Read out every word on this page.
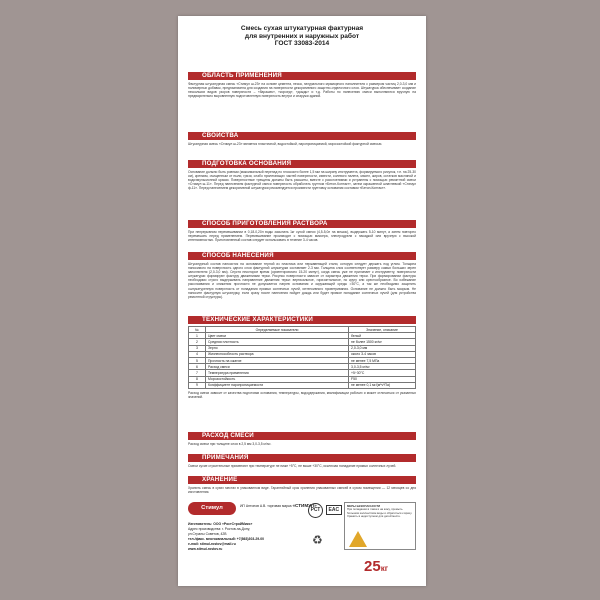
Смесь сухая штукатурная фактурная
для внутренних и наружных работ
ГОСТ 33083-2014
ОБЛАСТЬ ПРИМЕНЕНИЯ
Фактурная штукатурная смесь «Стимул ш-23» на основе цемента, песка, натурального мраморного наполнителя с размером частиц 2,0-3,0 мм и полимерных добавок, предназначена для создания на поверхности декоративного защитно-отделочного слоя. Штукатурка обеспечивает создание нескольких видов узоров поверхности – «барашек», «короед», «дождь» и т.д. Работы по нанесению смеси выполняются вручную на предварительно выровненную подготовленную поверхность внутри и снаружи зданий.
СВОЙСТВА
Штукатурная смесь «Стимул ш-23» является пластичной, водостойкой, паропроницаемой, морозостойкой фактурной смесью.
ПОДГОТОВКА ОСНОВАНИЯ
Основание должно быть ровным (максимальный перепад по плоскости более 1,5 мм на ширину инструмента, формируемого рисунок, т.е. на 25-30 см), крепким, очищенным от пыли, грязи, слабо прилегающих частей поверхности, извести, солевого налета, масел, жиров, остатков масляной и водоэмульсионной краски. Поверхностные трещины должны быть расшиты, вместе с расслоениями и устранены с помощью ремонтной смеси «Стимул ш-11». Перед нанесением фактурной смеси поверхность обработать грунтом «Бетон-Контакт», затем окрашенной шпатлевкой «Стимул ф-11». Перед нанесением декоративной штукатурки рекомендуется произвести грунтовку основания составом «Бетон-Контакт».
СПОСОБ ПРИГОТОВЛЕНИЯ РАСТВОРА
При непрерывном перемешивании в 0,18-0,20л воды засыпать 1кг сухой смеси (4,5-5,0л на мешок), выдержать 5-10 минут, а затем повторно перемешать перед применением. Перемешивание производят с помощью миксера, электродрели с насадкой или вручную с высокой интенсивностью. Приготовленный состав следует использовать в течение 3-4 часов.
СПОСОБ НАНЕСЕНИЯ
Штукатурный состав наносится на основание терной из пластика или нержавеющей стали, которую следует держать под углом. Толщина наносимого на поверхность одного слоя фактурной штукатурки составляет 2-3 мм. Толщина слоя соответствует размеру самых больших зерен заполнителя (2,0-3,0 мм). Спустя некоторое время (ориентировочно 15-20 минут), когда смесь уже не прилипает к инструменту, поверхности штукатурки формируют фактуру движениями терки. Рисунок поверхности зависит от характера движения терки. При формировании фактуры необходимо строго выдерживать направление движения терки: вертикальное, горизонтальное, по кругу или крестообразное. Во избежание расслаивания и снижения прочности не допускается нагрев основания и окружающей среды >30°С, а так же необходимо защитить оштукатуренную поверхность от попадания прямых солнечных лучей, интенсивного проветривания. Основание не должно быть мокрым. Не наносите фактурную штукатурку, если сразу после нанесения пойдет дождь или будет прямое попадание солнечных лучей (для устройства ремонтной структуры).
ТЕХНИЧЕСКИЕ ХАРАКТЕРИСТИКИ
№	Определяемые показатели	Значение, описание
1	Цвет смеси	белый
2	Средняя плотность	не более 1500 кг/м³
3	Зерно	2,0-3,0 мм
4	Жизнеспособность раствора	около 3-4 часов
5	Прочность на сжатие	не менее 7,5 МПа
6	Расход смеси	3,0-3,5 кг/м²
7	Температура применения	+5÷30°С
8	Морозостойкость	F50
9	Коэффициент паропроницаемости	не менее 0,1 мг/(м*ч*Па)
Расход смеси зависит от качества подготовки основания, температуры, водоудержания, квалификации рабочих и может отличаться от указанных значений.
РАСХОД СМЕСИ
Расход смеси при толщине слоя в 2,5 мм 3,0-3,5 кг/м².
ПРИМЕЧАНИЯ
Смеси сухие строительные применяют при температуре не ниже +5°С, не выше +30°С, исключая попадание прямых солнечных лучей.
ХРАНЕНИЕ
Хранить смесь в сухих местах в упакованном виде. Гарантийный срок хранения упакованных смесей в сухом помещении — 12 месяцев со дня изготовления.
Стимул	ИП Антонов А.В. торговая марка «СТИМУЛ»
Изготовитель: ООО «РостСтройМикс»
Адрес производства: г. Ростов-на-Дону,
ул.Страны Советов, 42В
тел./факс. многоканальный: +7(863)303-29-00
e-mail: stimul-rostov@mail.ru
www.stimul-rostov.ru
РСТ	EAC
♻
МЕРЫ БЕЗОПАСНОСТИ
При попадании в глаза и на кожу, промыть большим количеством воды и обратиться к врачу. Хранить в недоступном для детей месте.
25кг
